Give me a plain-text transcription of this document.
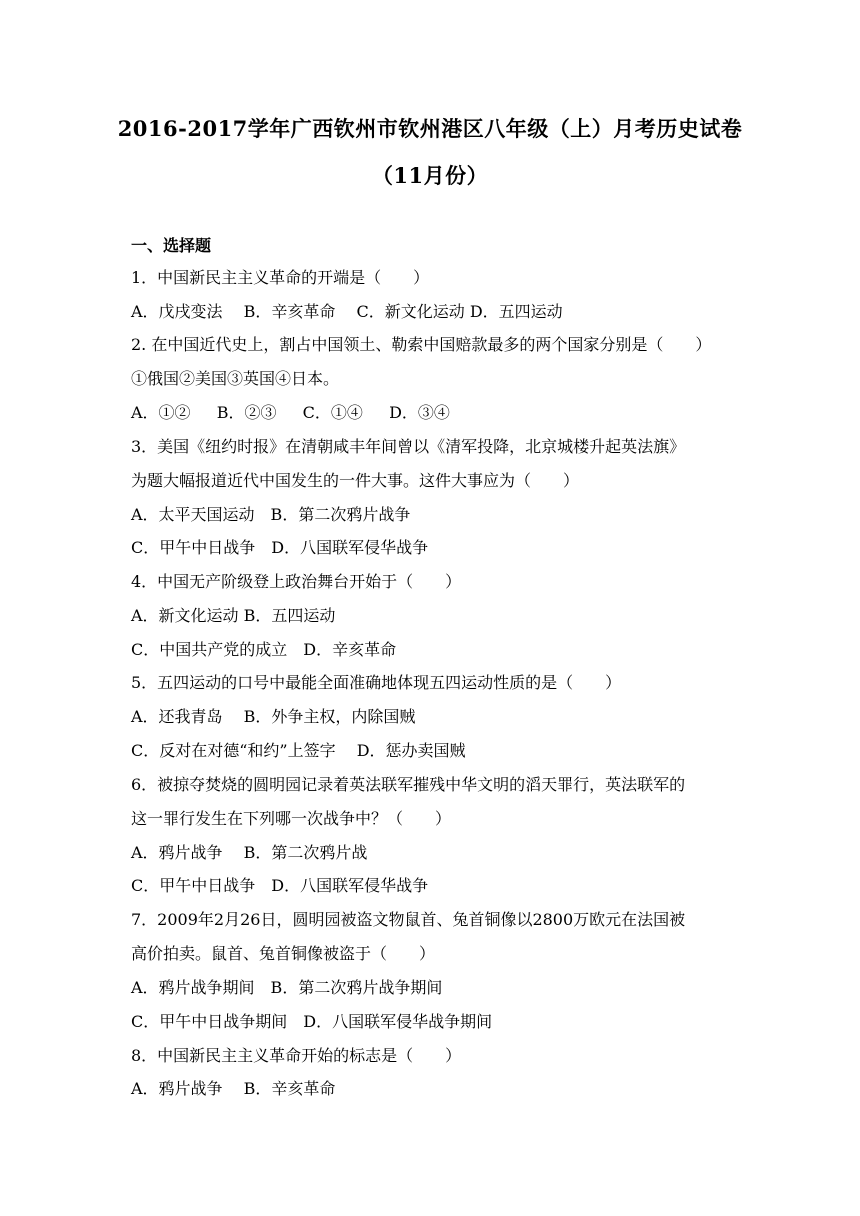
2016-2017学年广西钦州市钦州港区八年级（上）月考历史试卷
（11月份）
一、选择题
1．中国新民主主义革命的开端是（　　）
A．戊戌变法　 B．辛亥革命　 C．新文化运动 D．五四运动
2. 在中国近代史上，割占中国领土、勒索中国赔款最多的两个国家分别是（　　）
①俄国②美国③英国④日本。
A．①②　  B．②③　  C．①④　  D．③④
3．美国《纽约时报》在清朝咸丰年间曾以《清军投降，北京城楼升起英法旗》
为题大幅报道近代中国发生的一件大事。这件大事应为（　　）
A．太平天国运动　B．第二次鸦片战争
C．甲午中日战争　D．八国联军侵华战争
4．中国无产阶级登上政治舞台开始于（　　）
A．新文化运动 B．五四运动
C．中国共产党的成立　D．辛亥革命
5．五四运动的口号中最能全面准确地体现五四运动性质的是（　　）
A．还我青岛　 B．外争主权，内除国贼
C．反对在对德“和约”上签字　 D．惩办卖国贼
6．被掠夺焚烧的圆明园记录着英法联军摧残中华文明的滔天罪行，英法联军的
这一罪行发生在下列哪一次战争中？（　　）
A．鸦片战争　 B．第二次鸦片战
C．甲午中日战争　D．八国联军侵华战争
7．2009年2月26日，圆明园被盗文物鼠首、兔首铜像以2800万欧元在法国被
高价拍卖。鼠首、兔首铜像被盗于（　　）
A．鸦片战争期间　B．第二次鸦片战争期间
C．甲午中日战争期间　D．八国联军侵华战争期间
8．中国新民主主义革命开始的标志是（　　）
A．鸦片战争　 B．辛亥革命
